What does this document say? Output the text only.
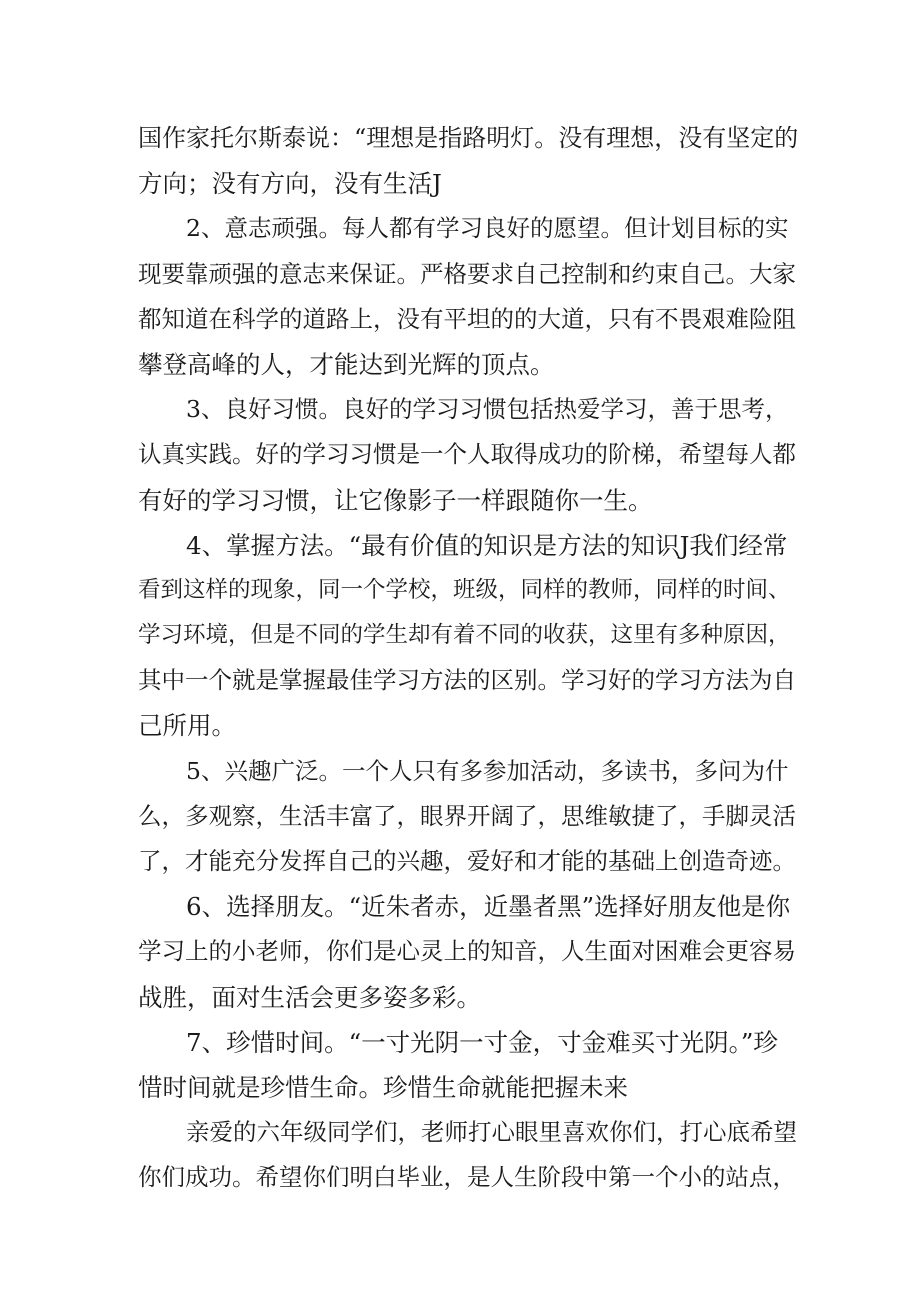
国作家托尔斯泰说：“理想是指路明灯。没有理想，没有坚定的
方向；没有方向，没有生活J
2、意志顽强。每人都有学习良好的愿望。但计划目标的实
现要靠顽强的意志来保证。严格要求自己控制和约束自己。大家
都知道在科学的道路上，没有平坦的的大道，只有不畏艰难险阻
攀登高峰的人，才能达到光辉的顶点。
3、良好习惯。良好的学习习惯包括热爱学习，善于思考，
认真实践。好的学习习惯是一个人取得成功的阶梯，希望每人都
有好的学习习惯，让它像影子一样跟随你一生。
4、掌握方法。“最有价值的知识是方法的知识J我们经常
看到这样的现象，同一个学校，班级，同样的教师，同样的时间、
学习环境，但是不同的学生却有着不同的收获，这里有多种原因，
其中一个就是掌握最佳学习方法的区别。学习好的学习方法为自
己所用。
5、兴趣广泛。一个人只有多参加活动，多读书，多问为什
么，多观察，生活丰富了，眼界开阔了，思维敏捷了，手脚灵活
了，才能充分发挥自己的兴趣，爱好和才能的基础上创造奇迹。
6、选择朋友。“近朱者赤，近墨者黑”选择好朋友他是你
学习上的小老师，你们是心灵上的知音，人生面对困难会更容易
战胜，面对生活会更多姿多彩。
7、珍惜时间。“一寸光阴一寸金，寸金难买寸光阴。”珍
惜时间就是珍惜生命。珍惜生命就能把握未来
亲爱的六年级同学们，老师打心眼里喜欢你们，打心底希望
你们成功。希望你们明白毕业，是人生阶段中第一个小的站点，
